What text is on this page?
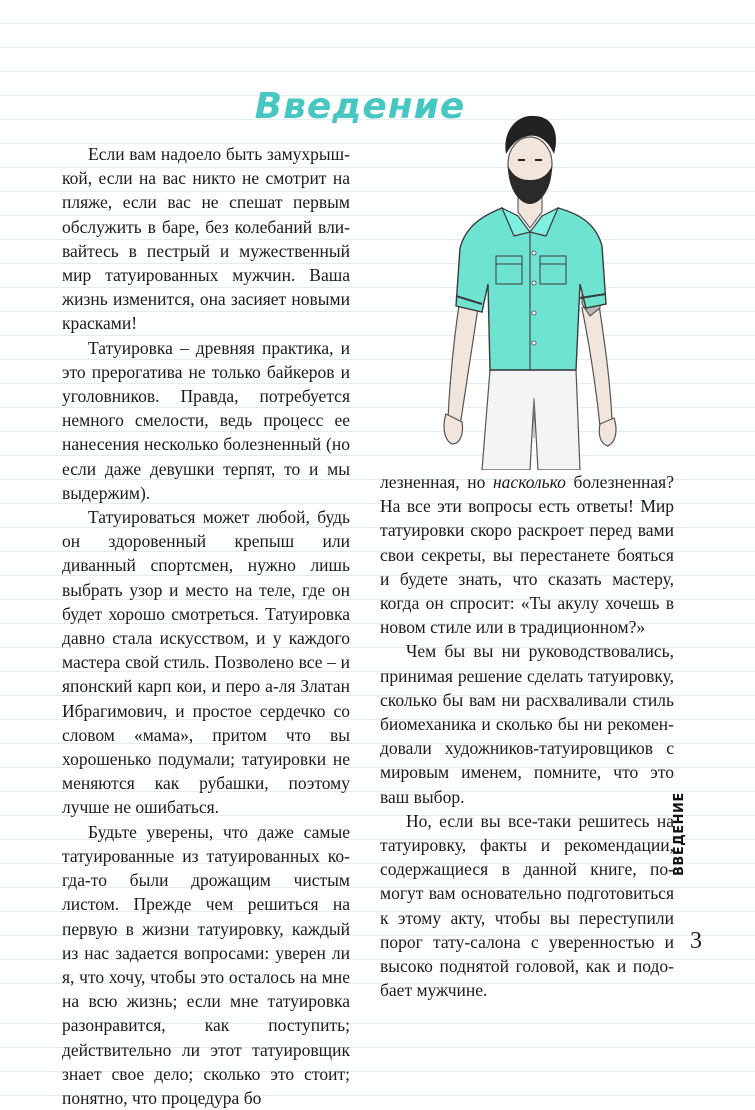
Введение

Если вам надоело быть замухрышкой, если на вас никто не смотрит на пляже, если вас не спешат первым обслужить в баре, без колебаний вливайтесь в пестрый и мужественный мир татуированных мужчин. Ваша жизнь изменится, она засияет новыми красками!

Татуировка – древняя практика, и это прерогатива не только байкеров и уголовников. Правда, потребуется немного смелости, ведь процесс ее нанесения несколько болезненный (но если даже девушки терпят, то и мы выдержим).

Татуироваться может любой, будь он здоровенный крепыш или диванный спортсмен, нужно лишь выбрать узор и место на теле, где он будет хорошо смотреться. Татуировка давно стала искусством, и у каждого мастера свой стиль. Позволено все – и японский карп кои, и перо а-ля Златан Ибрагимович, и простое сердечко со словом «мама», притом что вы хорошенько подумали; татуировки не меняются как рубашки, поэтому лучше не ошибаться.

Будьте уверены, что даже самые татуированные из татуированных когда-то были дрожащим чистым листом. Прежде чем решиться на первую в жизни татуировку, каждый из нас задается вопросами: уверен ли я, что хочу, чтобы это осталось на мне на всю жизнь; если мне татуировка разонравится, как поступить; действительно ли этот татуировщик знает свое дело; сколько это стоит; понятно, что процедура бо

лезненная, но насколько болезненная? На все эти вопросы есть ответы! Мир татуировки скоро раскроет перед вами свои секреты, вы перестанете бояться и будете знать, что сказать мастеру, когда он спросит: «Ты акулу хочешь в новом стиле или в традиционном?»

Чем бы вы ни руководствовались, принимая решение сделать татуировку, сколько бы вам ни расхваливали стиль биомеханика и сколько бы ни рекомендовали художников-татуировщиков с мировым именем, помните, что это ваш выбор.

Но, если вы все-таки решитесь на татуировку, факты и рекомендации, содержащиеся в данной книге, помогут вам основательно подготовиться к этому акту, чтобы вы переступили порог тату-салона с уверенностью и высоко поднятой головой, как и подобает мужчине.

ВВЕДЕНИЕ
3
